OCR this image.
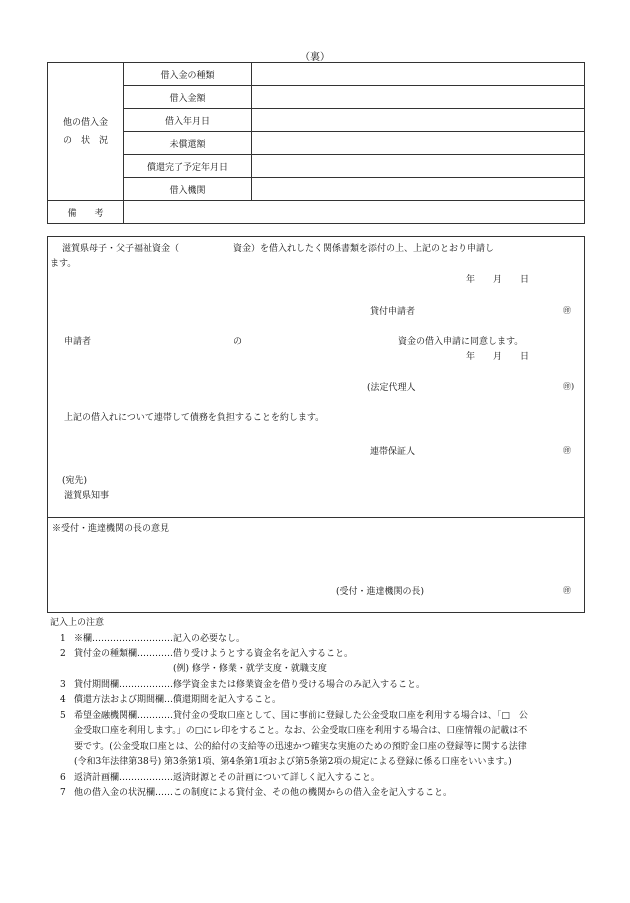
（裏）
他の借入金
の　状　況	借入金の種類	
	借入金額	
	借入年月日	
	未償還額	
	償還完了予定年月日	
	借入機関	
備　　考		
滋賀県母子・父子福祉資金（　　　　　　資金）を借入れしたく関係書類を添付の上、上記のとおり申請し
ます。
年　　月　　日
貸付申請者	㊞
申請者	の	資金の借入申請に同意します。
年　　月　　日
(法定代理人	㊞)
上記の借入れについて連帯して債務を負担することを約します。
連帯保証人	㊞
(宛先)
滋賀県知事
※受付・進達機関の長の意見
(受付・進達機関の長)	㊞
記入上の注意
1 ※欄………………………記入の必要なし。
2 貸付金の種類欄…………借り受けようとする資金名を記入すること。
　　　　　　　　　　　(例) 修学・修業・就学支度・就職支度
3 貸付期間欄………………修学資金または修業資金を借り受ける場合のみ記入すること。
4 償還方法および期間欄…償還期間を記入すること。
5 希望金融機関欄…………貸付金の受取口座として、国に事前に登録した公金受取口座を利用する場合は、「□　公
金受取口座を利用します。」の□にレ印をすること。なお、公金受取口座を利用する場合は、口座情報の記載は不
要です。(公金受取口座とは、公的給付の支給等の迅速かつ確実な実施のための預貯金口座の登録等に関する法律
(令和3年法律第38号) 第3条第1項、第4条第1項および第5条第2項の規定による登録に係る口座をいいます。)
6 返済計画欄………………返済財源とその計画について詳しく記入すること。
7 他の借入金の状況欄……この制度による貸付金、その他の機関からの借入金を記入すること。
